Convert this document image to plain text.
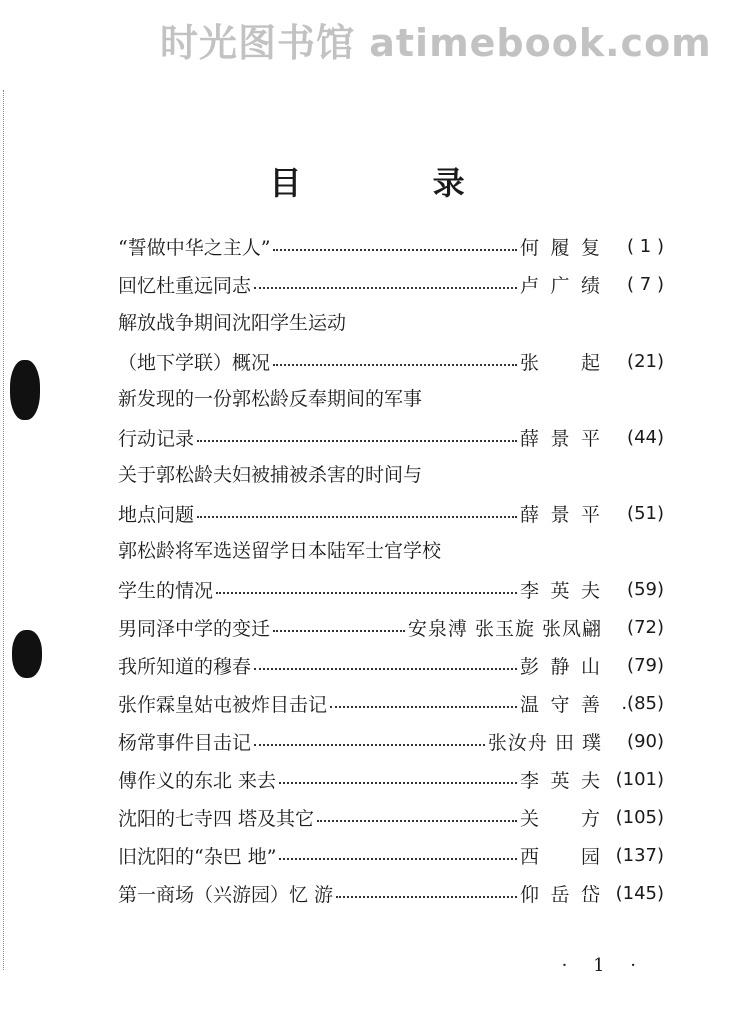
时光图书馆 atimebook.com
目 录
“誓做中华之主人”	何履复	( 1 )
回忆杜重远同志	卢广绩	( 7 )
解放战争期间沈阳学生运动
（地下学联）概况	张 起	(21)
新发现的一份郭松龄反奉期间的军事
行动记录	薛景平	(44)
关于郭松龄夫妇被捕被杀害的时间与
地点问题	薛景平	(51)
郭松龄将军选送留学日本陆军士官学校
学生的情况	李英夫	(59)
男同泽中学的变迁	安泉溥 张玉旋 张凤翩	(72)
我所知道的穆春	彭静山	(79)
张作霖皇姑屯被炸目击记	温守善	.(85)
杨常事件目击记	张汝舟 田 璞	(90)
傅作义的东北 来去	李英夫 (101)
沈阳的七寺四 塔及其它	关 方 (105)
旧沈阳的“杂巴 地”	西 园 (137)
第一商场（兴游园）忆 游	仰岳岱 (145)
· 1 ·
